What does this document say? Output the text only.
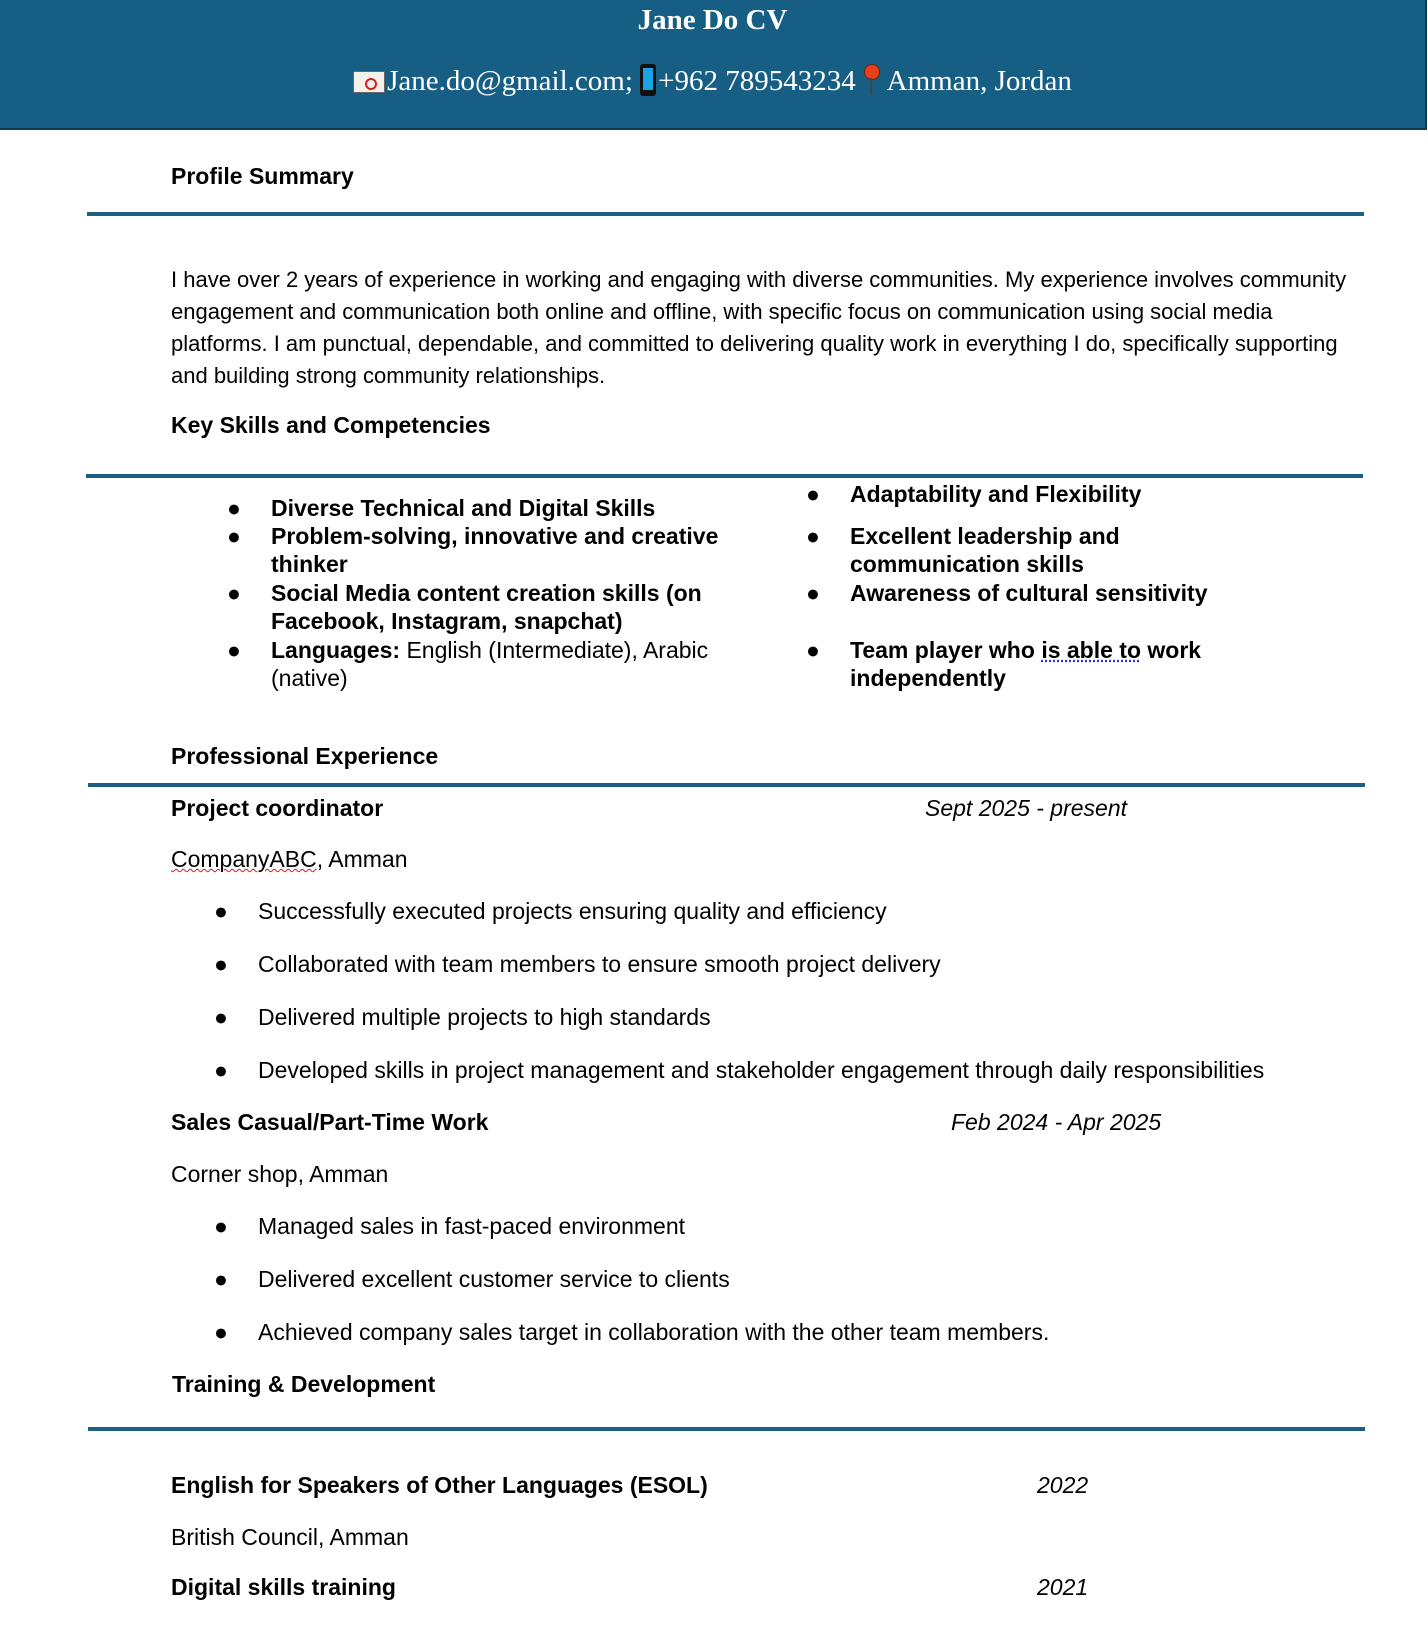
Jane Do CV
Jane.do@gmail.com; +962 789543234 Amman, Jordan
Profile Summary
I have over 2 years of experience in working and engaging with diverse communities. My experience involves community engagement and communication both online and offline, with specific focus on communication using social media platforms. I am punctual, dependable, and committed to delivering quality work in everything I do, specifically supporting and building strong community relationships.
Key Skills and Competencies
● Diverse Technical and Digital Skills
● Problem-solving, innovative and creative thinker
● Social Media content creation skills (on Facebook, Instagram, snapchat)
● Languages: English (Intermediate), Arabic (native)
● Adaptability and Flexibility
● Excellent leadership and communication skills
● Awareness of cultural sensitivity
● Team player who is able to work independently
Professional Experience
Project coordinator	Sept 2025 - present
CompanyABC, Amman
● Successfully executed projects ensuring quality and efficiency
● Collaborated with team members to ensure smooth project delivery
● Delivered multiple projects to high standards
● Developed skills in project management and stakeholder engagement through daily responsibilities
Sales Casual/Part-Time Work	Feb 2024 - Apr 2025
Corner shop, Amman
● Managed sales in fast-paced environment
● Delivered excellent customer service to clients
● Achieved company sales target in collaboration with the other team members.
Training & Development
English for Speakers of Other Languages (ESOL)	2022
British Council, Amman
Digital skills training	2021
